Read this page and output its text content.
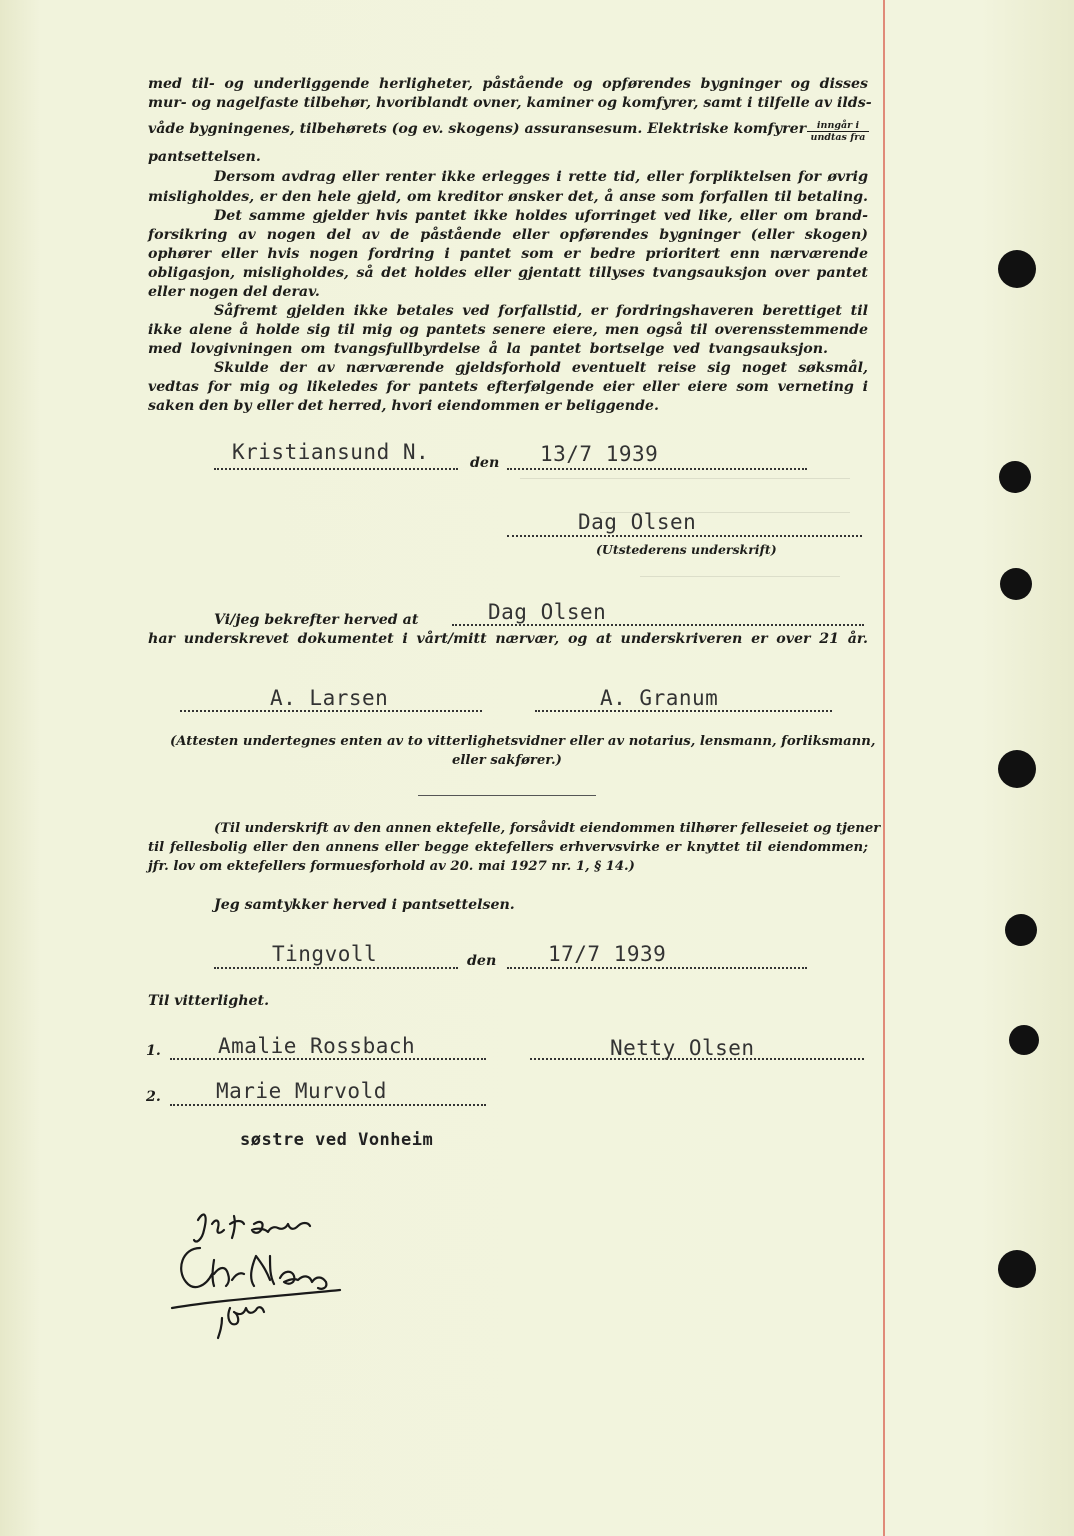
med til- og underliggende herligheter, påstående og opførendes bygninger og disses
mur- og nagelfaste tilbehør, hvoriblandt ovner, kaminer og komfyrer, samt i tilfelle av ilds-
våde bygningenes, tilbehørets (og ev. skogens) assuransesum. Elektriske komfyrer	inngår i
undtas fra
pantsettelsen.
Dersom avdrag eller renter ikke erlegges i rette tid, eller forpliktelsen for øvrig
misligholdes, er den hele gjeld, om kreditor ønsker det, å anse som forfallen til betaling.
Det samme gjelder hvis pantet ikke holdes uforringet ved like, eller om brand-
forsikring av nogen del av de påstående eller opførendes bygninger (eller skogen)
ophører eller hvis nogen fordring i pantet som er bedre prioritert enn nærværende
obligasjon, misligholdes, så det holdes eller gjentatt tillyses tvangsauksjon over pantet
eller nogen del derav.
Såfremt gjelden ikke betales ved forfallstid, er fordringshaveren berettiget til
ikke alene å holde sig til mig og pantets senere eiere, men også til overensstemmende
med lovgivningen om tvangsfullbyrdelse å la pantet bortselge ved tvangsauksjon.
Skulde der av nærværende gjeldsforhold eventuelt reise sig noget søksmål,
vedtas for mig og likeledes for pantets efterfølgende eier eller eiere som verneting i
saken den by eller det herred, hvori eiendommen er beliggende.
Kristiansund N.	den 13/7 1939
Dag Olsen
(Utstederens underskrift)
Vi/jeg bekrefter herved at	Dag Olsen
har underskrevet dokumentet i vårt/mitt nærvær, og at underskriveren er over 21 år.
A. Larsen	A. Granum
(Attesten undertegnes enten av to vitterlighetsvidner eller av notarius, lensmann, forliksmann,
eller sakfører.)
(Til underskrift av den annen ektefelle, forsåvidt eiendommen tilhører felleseiet og tjener
til fellesbolig eller den annens eller begge ektefellers erhvervsvirke er knyttet til eiendommen;
jfr. lov om ektefellers formuesforhold av 20. mai 1927 nr. 1, § 14.)
Jeg samtykker herved i pantsettelsen.
Tingvoll	den 17/7 1939
Til vitterlighet.
1.	Amalie Rossbach	Netty Olsen
2.	Marie Murvold
søstre ved Vonheim
